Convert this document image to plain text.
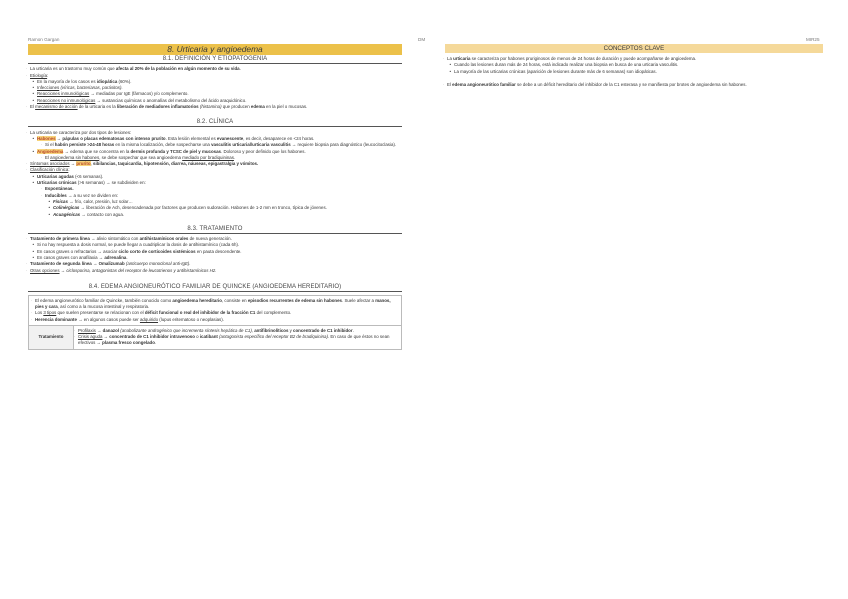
Ramon Gargan	DM	MIR25
8. Urticaria y angioedema
8.1. DEFINICIÓN Y ETIOPATOGENIA
· La urticaria es un trastorno muy común que afecta al 20% de la población en algún momento de su vida.
· Etiología:
• En la mayoría de los casos es idiopática (60%).
• Infecciones (víricas, bacterianas, parásitos).
• Reacciones inmunológicas → mediadas por IgE (fármacos) y/o complemento.
• Reacciones no inmunológicas → sustancias químicas o anomalías del metabolismo del ácido araquidónico.
· El mecanismo de acción de la urticaria es la liberación de mediadores inflamatorios (histamina) que producen edema en la piel o mucosas.
8.2. CLÍNICA
· La urticaria se caracteriza por dos tipos de lesiones:
• Habones → pápulas o placas edematosas con intenso prurito. Esta lesión elemental es evanescente, es decir, desaparece en <24 horas.
· Si el habón persiste >24-48 horas en la misma localización, debe sospecharse una vasculitis urticarial/urticaria vasculitis → requiere biopsia para diagnóstico (leucocitoclasia).
• Angioedema → edema que se concentra en la dermis profunda y TCSC de piel y mucosas. Doloroso y peor definido que los habones.
· El angioedema sin habones, se debe sospechar que sea angioedema mediado por bradiquininas.
· Síntomas asociados → prurito, sibilancias, taquicardia, hipotensión, diarrea, náuseas, epigastralgia y vómitos.
· Clasificación clínica:
• Urticarias agudas (<6 semanas).
• Urticarias crónicas (>6 semanas) → se subdividen en:
· Espontáneas.
· Inducibles → a su vez se dividen en:
• Físicas → frío, calor, presión, luz solar…
• Colinérgicas → liberación de Ach, desencadenada por factores que producen sudoración. Habones de 1-2 mm en tronco, típica de jóvenes.
• Acuagénicas → contacto con agua.
8.3. TRATAMIENTO
· Tratamiento de primera línea → alivio sintomático con antihistamínicos orales de nueva generación.
• Si no hay respuesta a dosis normal, se puede llegar a cuadriplicar la dosis de antihistamínico (cada 6h).
• En casos graves o refractarios → asociar ciclo corto de corticoides sistémicos en pauta descendente.
• En casos graves con anafilaxia → adrenalina.
· Tratamiento de segunda línea → Omalizumab (anticuerpo monoclonal anti-IgE).
· Otras opciones → ciclosporina, antagonistas del receptor de leucotrienos y antihistamínicos H2.
8.4. EDEMA ANGIONEURÓTICO FAMILIAR DE QUINCKE (ANGIOEDEMA HEREDITARIO)
· El edema angioneurótico familiar de Quincke, también conocido como angioedema hereditario, consiste en episodios recurrentes de edema sin habones. Suele afectar a manos, pies y cara, así como a la mucosa intestinal y respiratoria.
· Los 3 tipos que suelen presentarse se relacionan con el déficit funcional o real del inhibidor de la fracción C1 del complemento.
· Herencia dominante → en algunos casos puede ser adquirido (lupus eritematoso o neoplasias).
Tratamiento
· Profilaxis → danazol (anabolizante androgénico que incrementa síntesis hepática de C1), antifibrinolíticos y concentrado de C1 inhibidor.
· Crisis aguda → concentrado de C1 inhibidor intravenoso o icatibant (antagonista específico del receptor B2 de bradiquinina). En caso de que éstos no sean efectivos → plasma fresco congelado.
CONCEPTOS CLAVE
· La urticaria se caracteriza por habones pruriginosos de menos de 24 horas de duración y puede acompañarse de angioedema.
• Cuando las lesiones duran más de 24 horas, está indicado realizar una biopsia en busca de una urticaria vasculitis.
• La mayoría de las urticarias crónicas (aparición de lesiones durante más de 6 semanas) son idiopáticas.
· El edema angioneurótico familiar se debe a un déficit hereditario del inhibidor de la C1 esterasa y se manifiesta por brotes de angioedema sin habones.
